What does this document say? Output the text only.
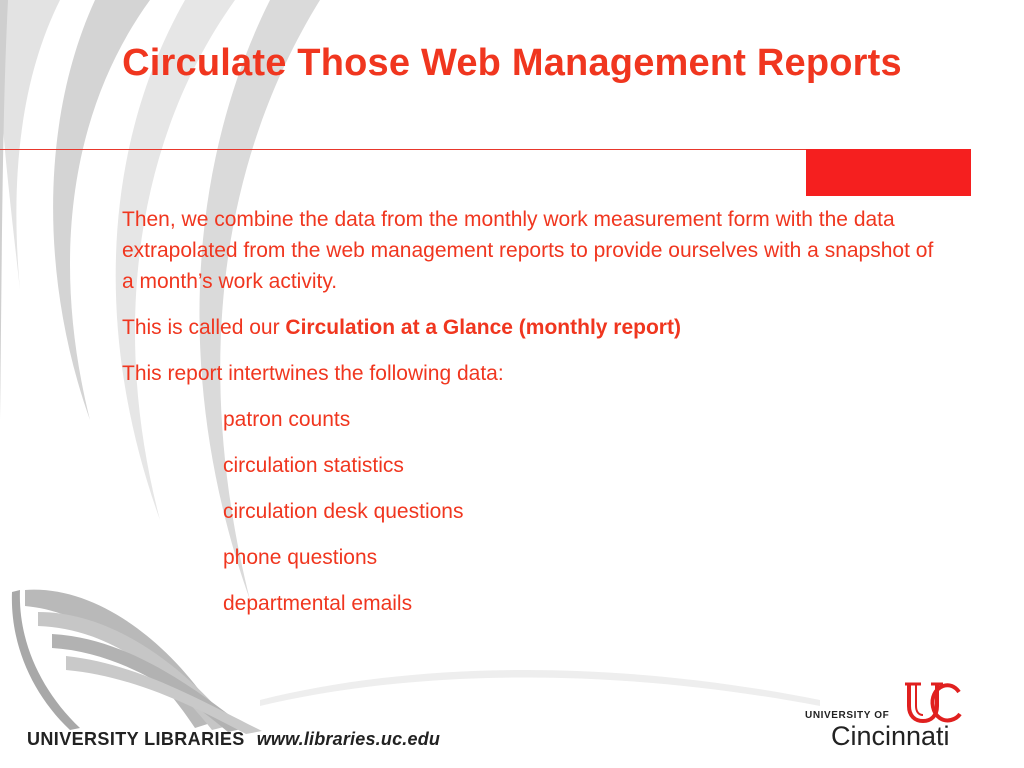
Circulate Those Web Management Reports

Then, we combine the data from the monthly work measurement form with the data extrapolated from the web management reports to provide ourselves with a snapshot of a month’s work activity.

This is called our Circulation at a Glance (monthly report)

This report intertwines the following data:

patron counts

circulation statistics

circulation desk questions

phone questions

departmental emails

UNIVERSITY LIBRARIES www.libraries.uc.edu
UNIVERSITY OF
Cincinnati
